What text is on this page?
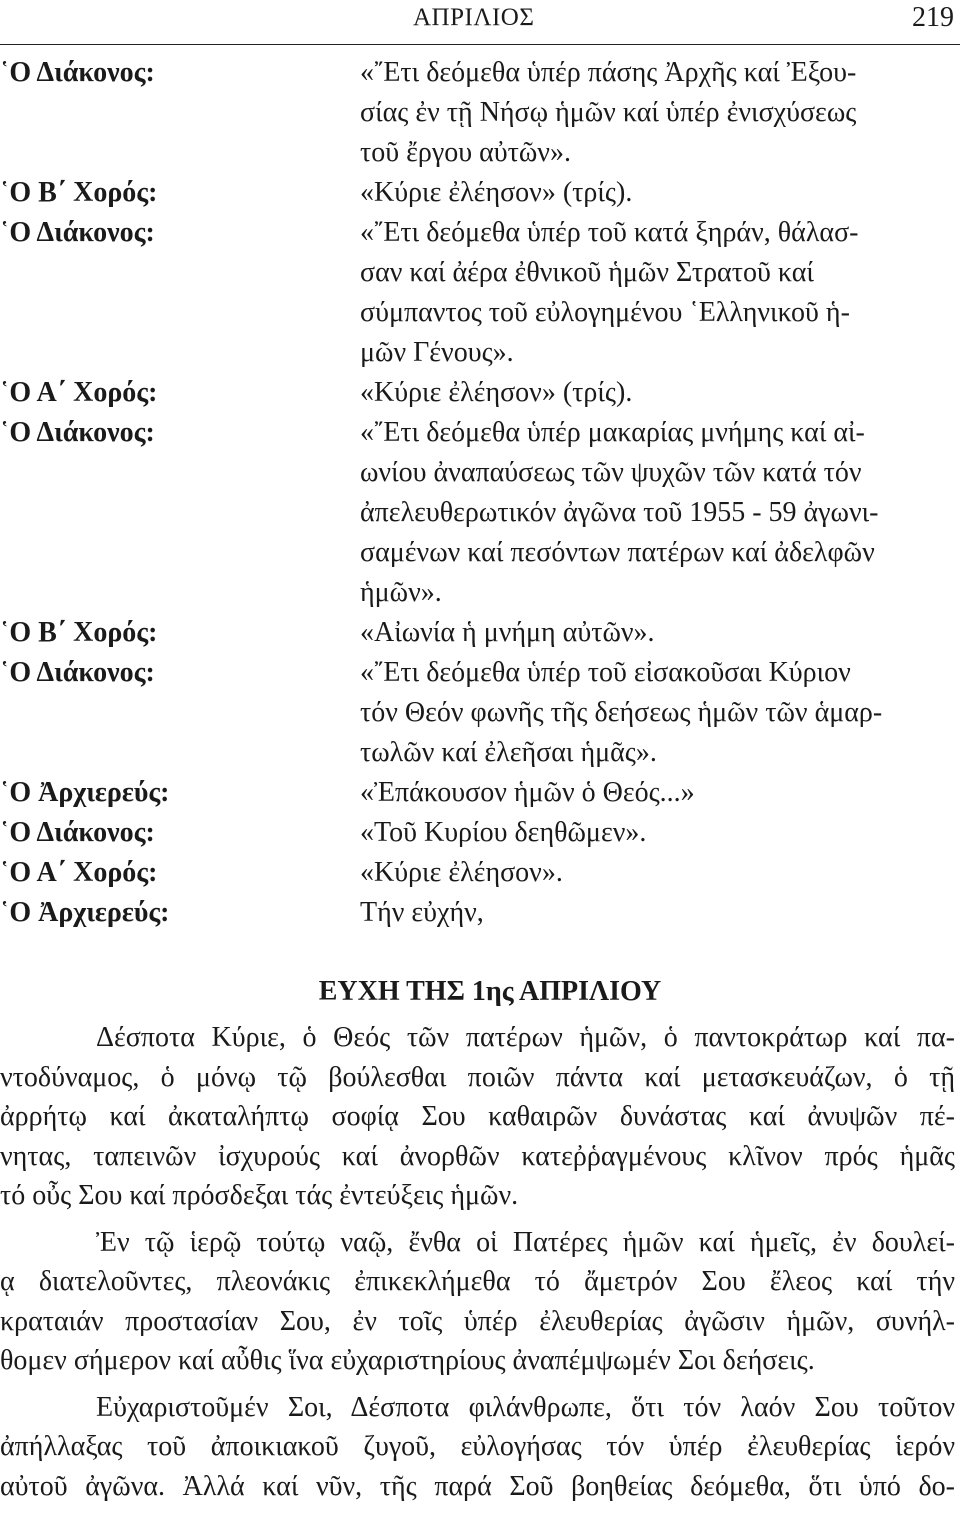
ΑΠΡΙΛΙΟΣ	219
῾Ο Διάκονος:	«῎Ετι δεόμεθα ὑπέρ πάσης Ἀρχῆς καί Ἐξου-
σίας ἐν τῇ Νήσῳ ἡμῶν καί ὑπέρ ἐνισχύσεως
τοῦ ἔργου αὐτῶν».
῾Ο Β΄ Χορός:	«Κύριε ἐλέησον» (τρίς).
῾Ο Διάκονος:	«῎Ετι δεόμεθα ὑπέρ τοῦ κατά ξηράν, θάλασ-
σαν καί ἀέρα ἐθνικοῦ ἡμῶν Στρατοῦ καί
σύμπαντος τοῦ εὐλογημένου ῾Ελληνικοῦ ἡ-
μῶν Γένους».
῾Ο Α΄ Χορός:	«Κύριε ἐλέησον» (τρίς).
῾Ο Διάκονος:	«῎Ετι δεόμεθα ὑπέρ μακαρίας μνήμης καί αἰ-
ωνίου ἀναπαύσεως τῶν ψυχῶν τῶν κατά τόν
ἀπελευθερωτικόν ἀγῶνα τοῦ 1955 - 59 ἀγωνι-
σαμένων καί πεσόντων πατέρων καί ἀδελφῶν
ἡμῶν».
῾Ο Β΄ Χορός:	«Αἰωνία ἡ μνήμη αὐτῶν».
῾Ο Διάκονος:	«῎Ετι δεόμεθα ὑπέρ τοῦ εἰσακοῦσαι Κύριον
τόν Θεόν φωνῆς τῆς δεήσεως ἡμῶν τῶν ἁμαρ-
τωλῶν καί ἐλεῆσαι ἡμᾶς».
῾Ο Ἀρχιερεύς:	«Ἐπάκουσον ἡμῶν ὁ Θεός...»
῾Ο Διάκονος:	«Τοῦ Κυρίου δεηθῶμεν».
῾Ο Α΄ Χορός:	«Κύριε ἐλέησον».
῾Ο Ἀρχιερεύς:	Τήν εὐχήν,
ΕΥΧΗ ΤΗΣ 1ης ΑΠΡΙΛΙΟΥ
Δέσποτα Κύριε, ὁ Θεός τῶν πατέρων ἡμῶν, ὁ παντοκράτωρ καί πα-
ντοδύναμος, ὁ μόνῳ τῷ βούλεσθαι ποιῶν πάντα καί μετασκευάζων, ὁ τῇ
ἀρρήτῳ καί ἀκαταλήπτῳ σοφίᾳ Σου καθαιρῶν δυνάστας καί ἀνυψῶν πέ-
νητας, ταπεινῶν ἰσχυρούς καί ἀνορθῶν κατεῤῥαγμένους κλῖνον πρός ἡμᾶς
τό οὖς Σου καί πρόσδεξαι τάς ἐντεύξεις ἡμῶν.
Ἐν τῷ ἱερῷ τούτῳ ναῷ, ἔνθα οἱ Πατέρες ἡμῶν καί ἡμεῖς, ἐν δουλεί-
ᾳ διατελοῦντες, πλεονάκις ἐπικεκλήμεθα τό ἄμετρόν Σου ἔλεος καί τήν
κραταιάν προστασίαν Σου, ἐν τοῖς ὑπέρ ἐλευθερίας ἀγῶσιν ἡμῶν, συνήλ-
θομεν σήμερον καί αὖθις ἵνα εὐχαριστηρίους ἀναπέμψωμέν Σοι δεήσεις.
Εὐχαριστοῦμέν Σοι, Δέσποτα φιλάνθρωπε, ὅτι τόν λαόν Σου τοῦτον
ἀπήλλαξας τοῦ ἀποικιακοῦ ζυγοῦ, εὐλογήσας τόν ὑπέρ ἐλευθερίας ἱερόν
αὐτοῦ ἀγῶνα. Ἀλλά καί νῦν, τῆς παρά Σοῦ βοηθείας δεόμεθα, ὅτι ὑπό δο-
